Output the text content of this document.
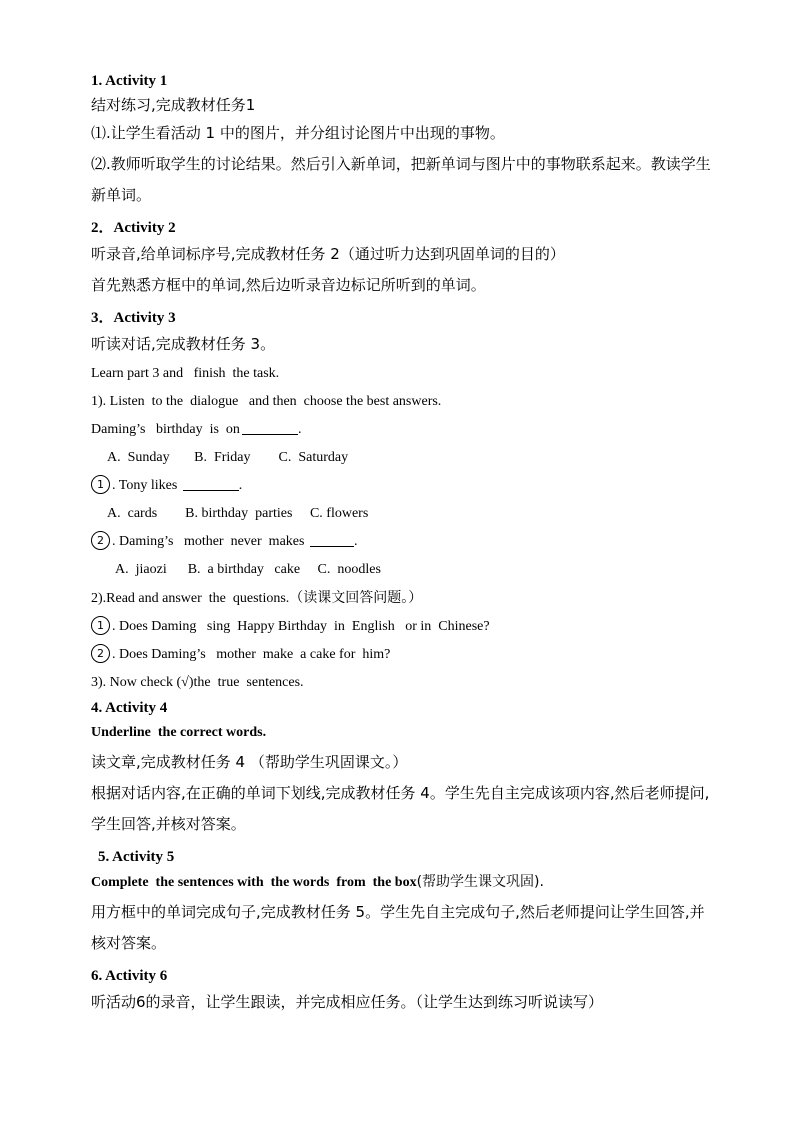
1. Activity 1
结对练习,完成教材任务1
⑴.让学生看活动 1 中的图片，并分组讨论图片中出现的事物。
⑵.教师听取学生的讨论结果。然后引入新单词，把新单词与图片中的事物联系起来。教读学生新单词。
2．Activity 2
听录音,给单词标序号,完成教材任务 2（通过听力达到巩固单词的目的）
首先熟悉方框中的单词,然后边听录音边标记所听到的单词。
3．Activity 3
听读对话,完成教材任务 3。
Learn part 3 and   finish  the task.
1). Listen  to the  dialogue   and then  choose the best answers.
Daming’s   birthday  is  on	.
A.  Sunday       B.  Friday        C.  Saturday
1 . Tony likes	.
A.  cards        B. birthday  parties     C. flowers
2 . Daming’s   mother  never  makes	.
A.  jiaozi      B.  a birthday   cake     C.  noodles
2).Read and answer  the  questions.（读课文回答问题。）
1 . Does Daming   sing  Happy Birthday  in  English   or in  Chinese?
2 . Does Daming’s   mother  make  a cake for  him?
3). Now check (√)the  true  sentences.
4. Activity 4
Underline  the correct words.
读文章,完成教材任务 4 （帮助学生巩固课文。）
根据对话内容,在正确的单词下划线,完成教材任务 4。学生先自主完成该项内容,然后老师提问,学生回答,并核对答案。
5. Activity 5
Complete  the sentences with  the words  from  the box(帮助学生课文巩固).
用方框中的单词完成句子,完成教材任务 5。学生先自主完成句子,然后老师提问让学生回答,并核对答案。
6. Activity 6
听活动6的录音，让学生跟读，并完成相应任务。（让学生达到练习听说读写）
